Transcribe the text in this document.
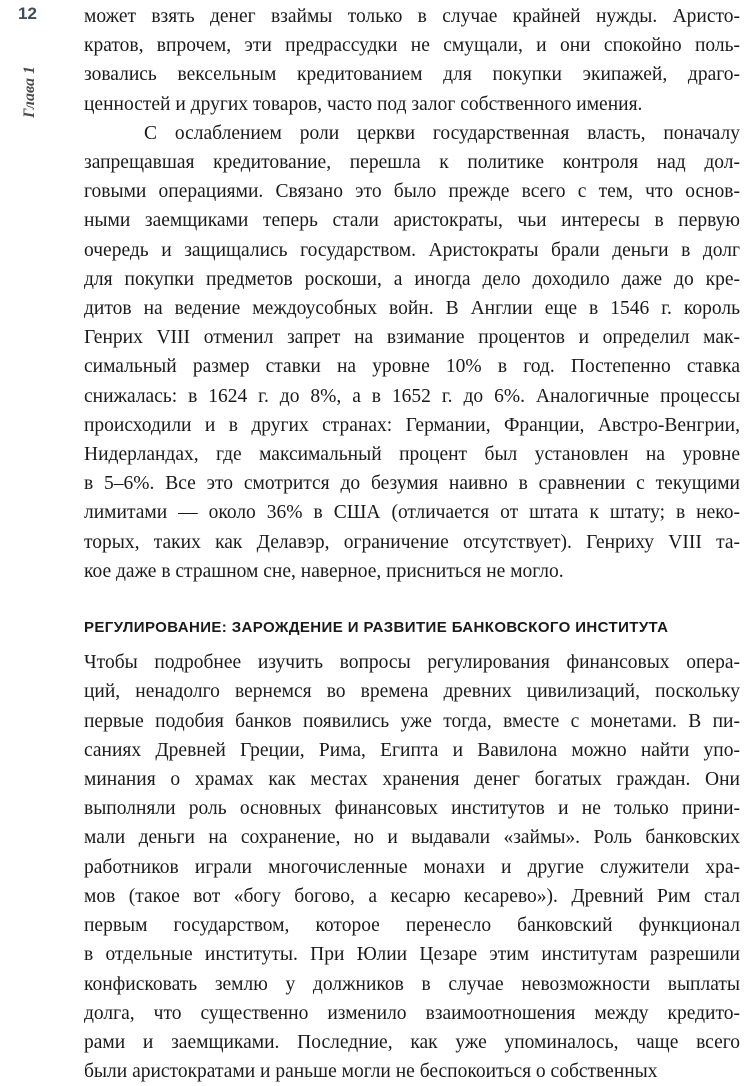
12
Глава 1

может взять денег взаймы только в случае крайней нужды. Аристо-
кратов, впрочем, эти предрассудки не смущали, и они спокойно поль-
зовались вексельным кредитованием для покупки экипажей, драго-
ценностей и других товаров, часто под залог собственного имения.

С ослаблением роли церкви государственная власть, поначалу
запрещавшая кредитование, перешла к политике контроля над дол-
говыми операциями. Связано это было прежде всего с тем, что основ-
ными заемщиками теперь стали аристократы, чьи интересы в первую
очередь и защищались государством. Аристократы брали деньги в долг
для покупки предметов роскоши, а иногда дело доходило даже до кре-
дитов на ведение междоусобных войн. В Англии еще в 1546 г. король
Генрих VIII отменил запрет на взимание процентов и определил мак-
симальный размер ставки на уровне 10% в год. Постепенно ставка
снижалась: в 1624 г. до 8%, а в 1652 г. до 6%. Аналогичные процессы
происходили и в других странах: Германии, Франции, Австро-Венгрии,
Нидерландах, где максимальный процент был установлен на уровне
в 5–6%. Все это смотрится до безумия наивно в сравнении с текущими
лимитами — около 36% в США (отличается от штата к штату; в неко-
торых, таких как Делавэр, ограничение отсутствует). Генриху VIII та-
кое даже в страшном сне, наверное, присниться не могло.

РЕГУЛИРОВАНИЕ: ЗАРОЖДЕНИЕ И РАЗВИТИЕ БАНКОВСКОГО ИНСТИТУТА

Чтобы подробнее изучить вопросы регулирования финансовых опера-
ций, ненадолго вернемся во времена древних цивилизаций, поскольку
первые подобия банков появились уже тогда, вместе с монетами. В пи-
саниях Древней Греции, Рима, Египта и Вавилона можно найти упо-
минания о храмах как местах хранения денег богатых граждан. Они
выполняли роль основных финансовых институтов и не только прини-
мали деньги на сохранение, но и выдавали «займы». Роль банковских
работников играли многочисленные монахи и другие служители хра-
мов (такое вот «богу богово, а кесарю кесарево»). Древний Рим стал
первым государством, которое перенесло банковский функционал
в отдельные институты. При Юлии Цезаре этим институтам разрешили
конфисковать землю у должников в случае невозможности выплаты
долга, что существенно изменило взаимоотношения между кредито-
рами и заемщиками. Последние, как уже упоминалось, чаще всего
были аристократами и раньше могли не беспокоиться о собственных
